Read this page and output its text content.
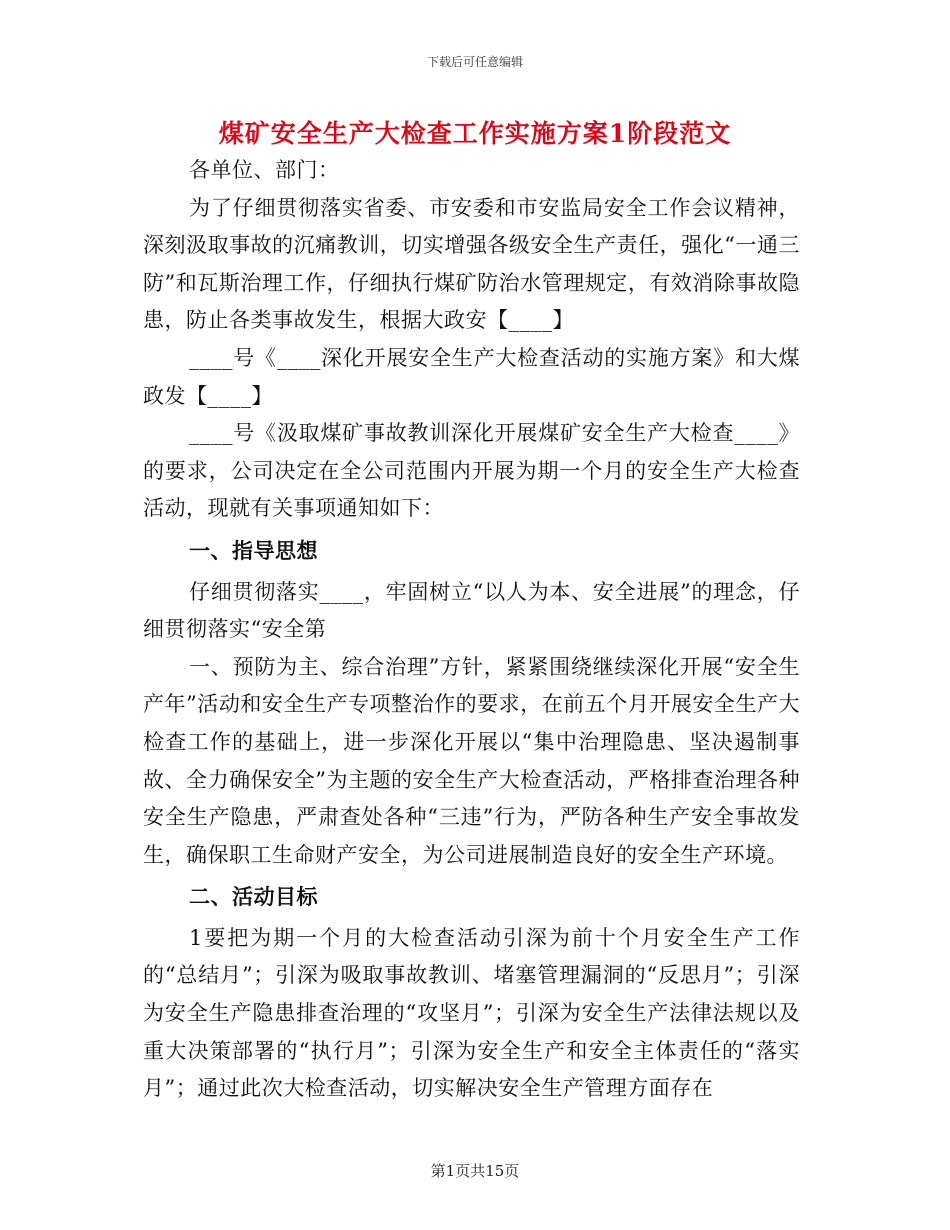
下载后可任意编辑
煤矿安全生产大检查工作实施方案1阶段范文

各单位、部门：

为了仔细贯彻落实省委、市安委和市安监局安全工作会议精神，深刻汲取事故的沉痛教训，切实增强各级安全生产责任，强化“一通三防”和瓦斯治理工作，仔细执行煤矿防治水管理规定，有效消除事故隐患，防止各类事故发生，根据大政安【____】

____号《____深化开展安全生产大检查活动的实施方案》和大煤政发【____】

____号《汲取煤矿事故教训深化开展煤矿安全生产大检查____》的要求，公司决定在全公司范围内开展为期一个月的安全生产大检查活动，现就有关事项通知如下：

一、指导思想

仔细贯彻落实____，牢固树立“以人为本、安全进展”的理念，仔细贯彻落实“安全第

一、预防为主、综合治理”方针，紧紧围绕继续深化开展“安全生产年”活动和安全生产专项整治作的要求，在前五个月开展安全生产大检查工作的基础上，进一步深化开展以“集中治理隐患、坚决遏制事故、全力确保安全”为主题的安全生产大检查活动，严格排查治理各种安全生产隐患，严肃查处各种“三违”行为，严防各种生产安全事故发生，确保职工生命财产安全，为公司进展制造良好的安全生产环境。

二、活动目标

1要把为期一个月的大检查活动引深为前十个月安全生产工作的“总结月”；引深为吸取事故教训、堵塞管理漏洞的“反思月”；引深为安全生产隐患排查治理的“攻坚月”；引深为安全生产法律法规以及重大决策部署的“执行月”；引深为安全生产和安全主体责任的“落实月”；通过此次大检查活动，切实解决安全生产管理方面存在

第1页共15页
